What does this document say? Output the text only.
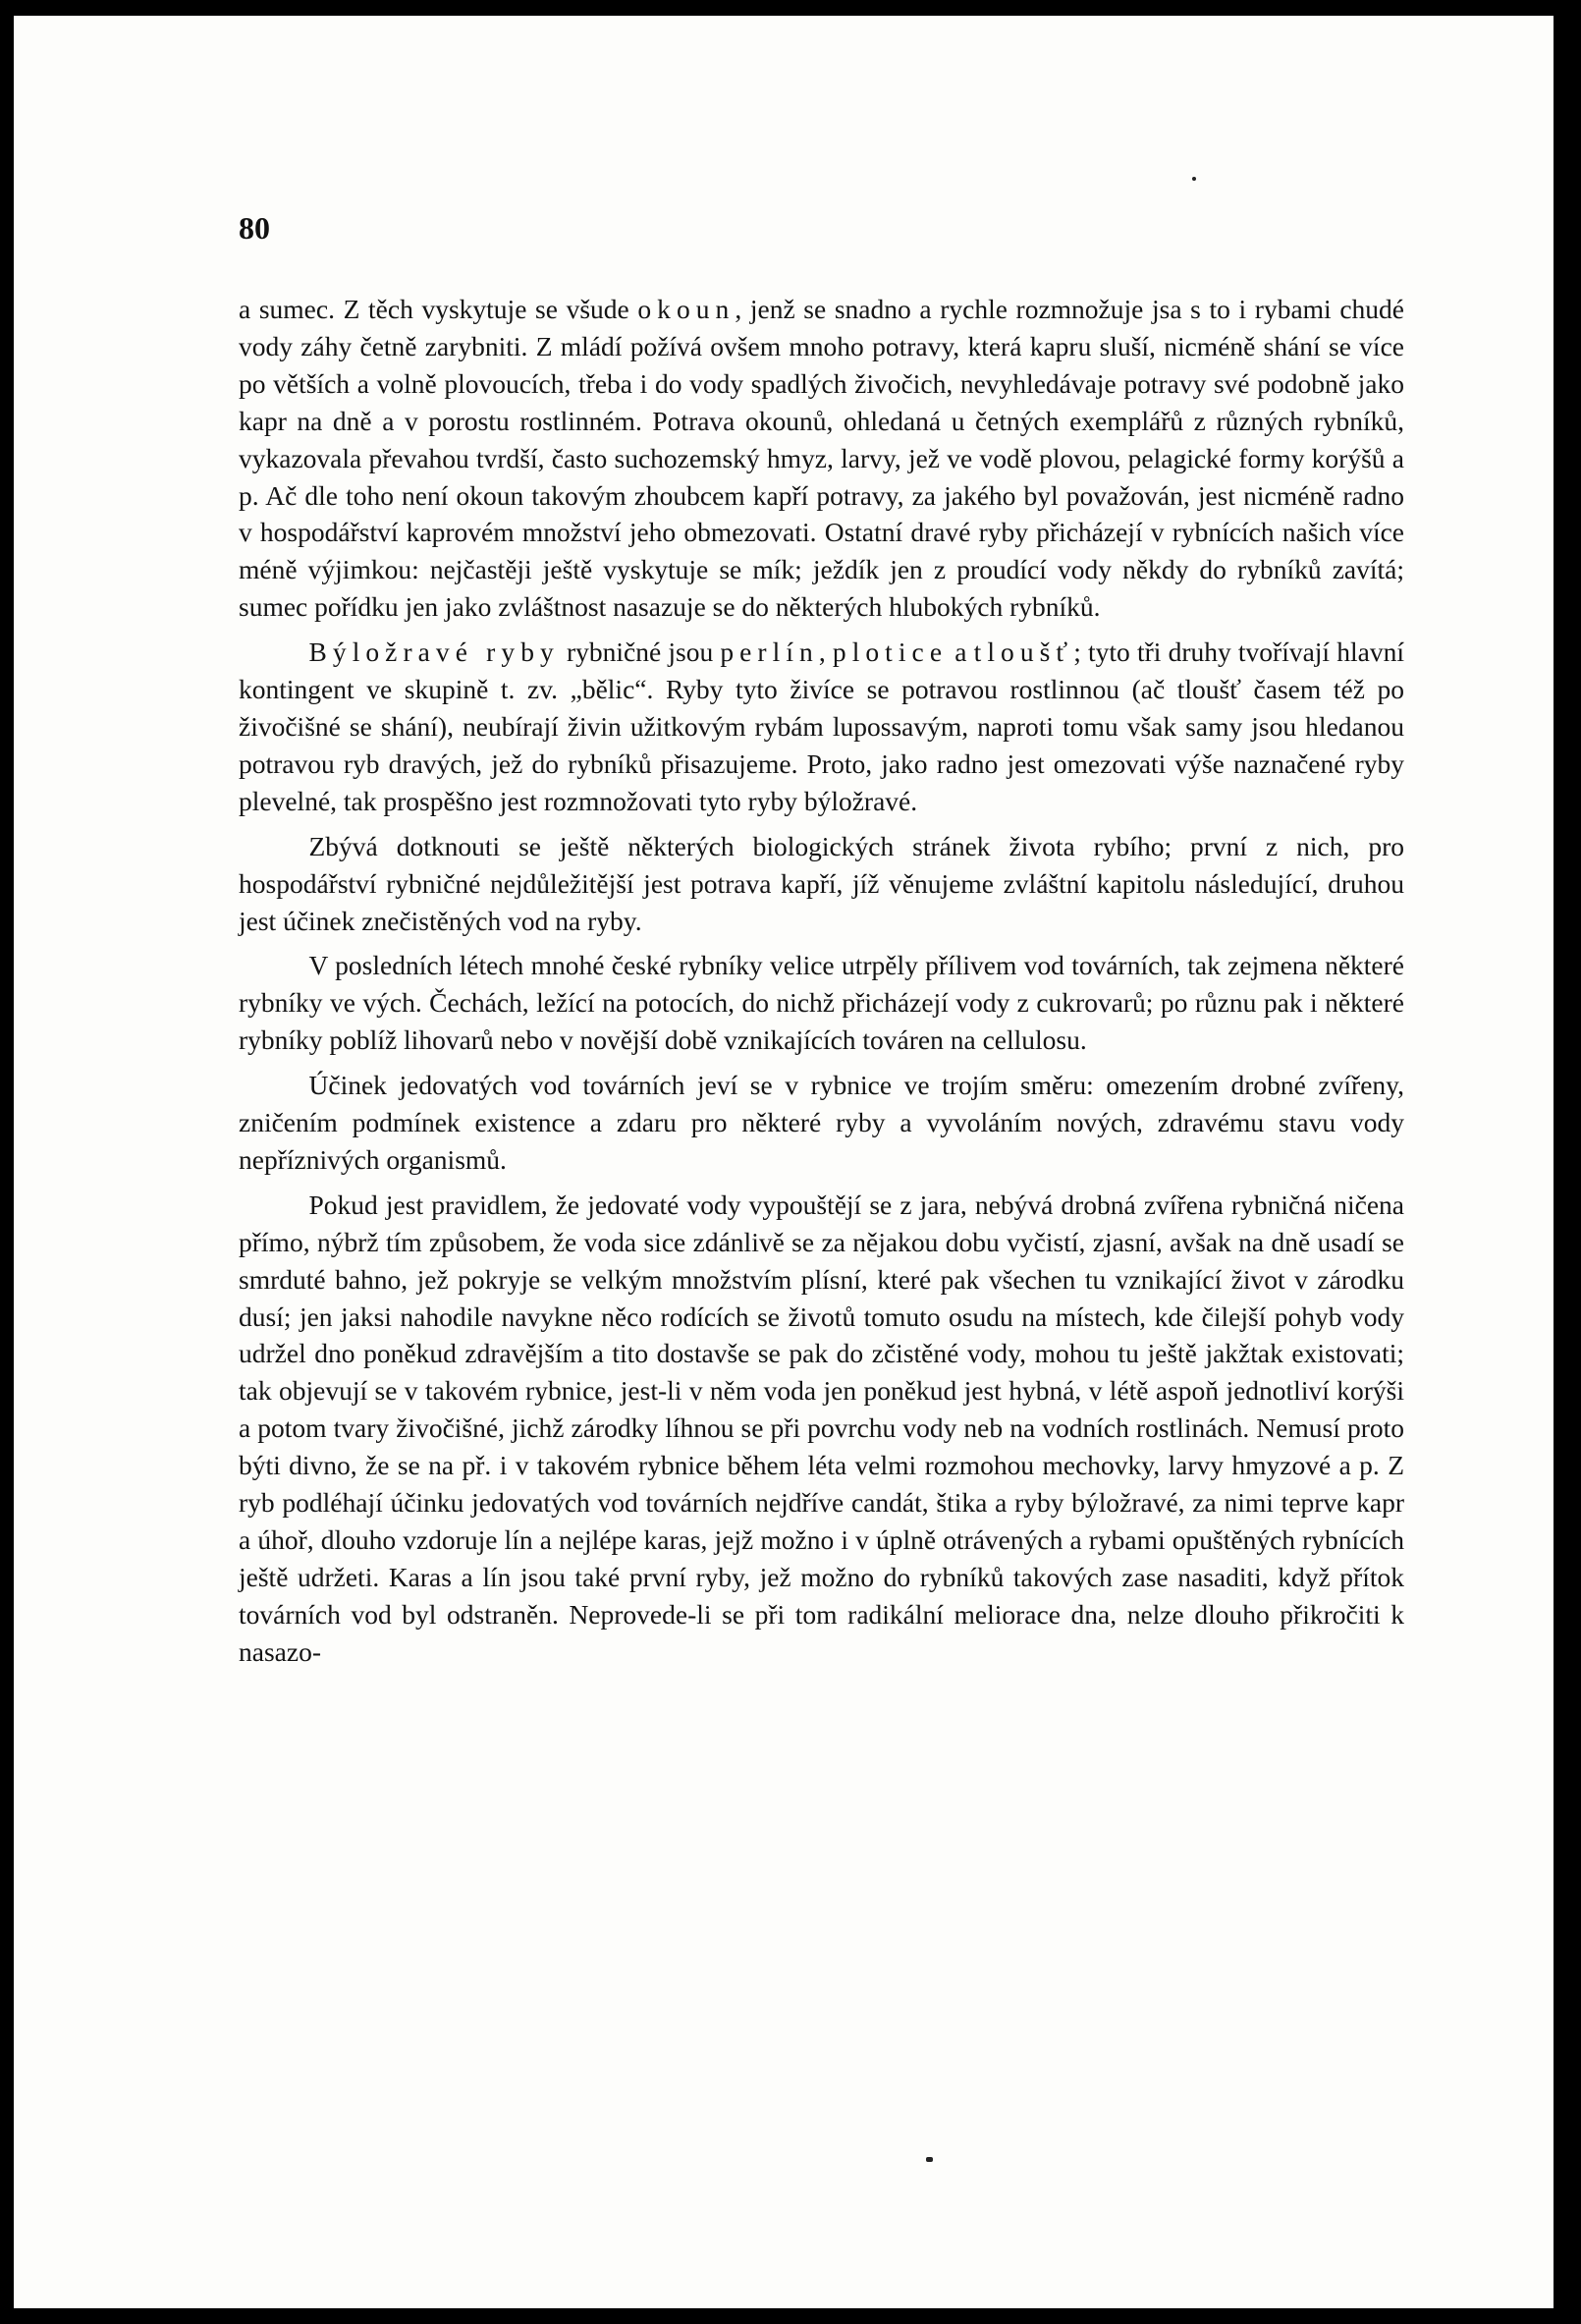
80

a sumec. Z těch vyskytuje se všude okoun, jenž se snadno a rychle rozmnožuje jsa s to i rybami chudé vody záhy četně zarybniti. Z mládí požívá ovšem mnoho potravy, která kapru sluší, nicméně shání se více po větších a volně plovoucích, třeba i do vody spadlých živočich, nevyhledávaje potravy své podobně jako kapr na dně a v porostu rostlinném. Potrava okounů, ohledaná u četných exemplářů z různých rybníků, vykazovala převahou tvrdší, často suchozemský hmyz, larvy, jež ve vodě plovou, pelagické formy korýšů a p. Ač dle toho není okoun takovým zhoubcem kapří potravy, za jakého byl považován, jest nicméně radno v hospodářství kaprovém množství jeho obmezovati. Ostatní dravé ryby přicházejí v rybnících našich více méně výjimkou: nejčastěji ještě vyskytuje se mík; ježdík jen z proudící vody někdy do rybníků zavítá; sumec pořídku jen jako zvláštnost nasazuje se do některých hlubokých rybníků.

Býložravé ryby rybničné jsou perlín, plotice a tloušť; tyto tři druhy tvořívají hlavní kontingent ve skupině t. zv. „bělic“. Ryby tyto živíce se potravou rostlinnou (ač tloušť časem též po živočišné se shání), neubírají živin užitkovým rybám lupossavým, naproti tomu však samy jsou hledanou potravou ryb dravých, jež do rybníků přisazujeme. Proto, jako radno jest omezovati výše naznačené ryby plevelné, tak prospěšno jest rozmnožovati tyto ryby býložravé.

Zbývá dotknouti se ještě některých biologických stránek života rybího; první z nich, pro hospodářství rybničné nejdůležitější jest potrava kapří, jíž věnujeme zvláštní kapitolu následující, druhou jest účinek znečistěných vod na ryby.

V posledních létech mnohé české rybníky velice utrpěly přílivem vod továrních, tak zejmena některé rybníky ve vých. Čechách, ležící na potocích, do nichž přicházejí vody z cukrovarů; po různu pak i některé rybníky poblíž lihovarů nebo v novější době vznikajících továren na cellulosu.

Účinek jedovatých vod továrních jeví se v rybnice ve trojím směru: omezením drobné zvířeny, zničením podmínek existence a zdaru pro některé ryby a vyvoláním nových, zdravému stavu vody nepříznivých organismů.

Pokud jest pravidlem, že jedovaté vody vypouštějí se z jara, nebývá drobná zvířena rybničná ničena přímo, nýbrž tím způsobem, že voda sice zdánlivě se za nějakou dobu vyčistí, zjasní, avšak na dně usadí se smrduté bahno, jež pokryje se velkým množstvím plísní, které pak všechen tu vznikající život v zárodku dusí; jen jaksi nahodile navykne něco rodících se životů tomuto osudu na místech, kde čilejší pohyb vody udržel dno poněkud zdravějším a tito dostavše se pak do zčistěné vody, mohou tu ještě jakžtak existovati; tak objevují se v takovém rybnice, jest-li v něm voda jen poněkud jest hybná, v létě aspoň jednotliví korýši a potom tvary živočišné, jichž zárodky líhnou se při povrchu vody neb na vodních rostlinách. Nemusí proto býti divno, že se na př. i v takovém rybnice během léta velmi rozmohou mechovky, larvy hmyzové a p. Z ryb podléhají účinku jedovatých vod továrních nejdříve candát, štika a ryby býložravé, za nimi teprve kapr a úhoř, dlouho vzdoruje lín a nejlépe karas, jejž možno i v úplně otrávených a rybami opuštěných rybnících ještě udržeti. Karas a lín jsou také první ryby, jež možno do rybníků takových zase nasaditi, když přítok továrních vod byl odstraněn. Neprovede-li se při tom radikální meliorace dna, nelze dlouho přikročiti k nasazo-
